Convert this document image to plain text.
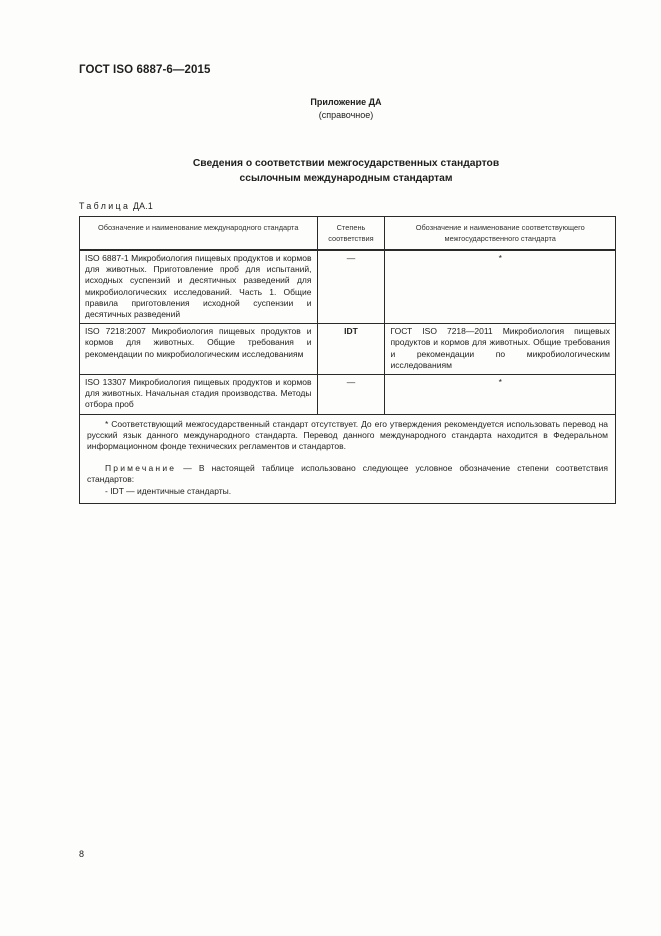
ГОСТ ISO 6887-6—2015
Приложение ДА
(справочное)
Сведения о соответствии межгосударственных стандартов
ссылочным международным стандартам
Таблица ДА.1
Обозначение и наименование международного стандарта	Степень соответствия	Обозначение и наименование соответствующего межгосударственного стандарта
ISO 6887-1 Микробиология пищевых продуктов и кормов для животных. Приготовление проб для испытаний, исходных суспензий и десятичных разведений для микробиологических исследований. Часть 1. Общие правила приготовления исходной суспензии и десятичных разведений	—	*
ISO 7218:2007 Микробиология пищевых продуктов и кормов для животных. Общие требования и рекомендации по микробиологическим исследованиям	IDT	ГОСТ ISO 7218—2011 Микробиология пищевых продуктов и кормов для животных. Общие требования и рекомендации по микробиологическим исследованиям
ISO 13307 Микробиология пищевых продуктов и кормов для животных. Начальная стадия производства. Методы отбора проб	—	*

* Соответствующий межгосударственный стандарт отсутствует. До его утверждения рекомендуется использовать перевод на русский язык данного международного стандарта. Перевод данного международного стандарта находится в Федеральном информационном фонде технических регламентов и стандартов.

Примечание — В настоящей таблице использовано следующее условное обозначение степени соответствия стандартов:

- IDT — идентичные стандарты.		

8
